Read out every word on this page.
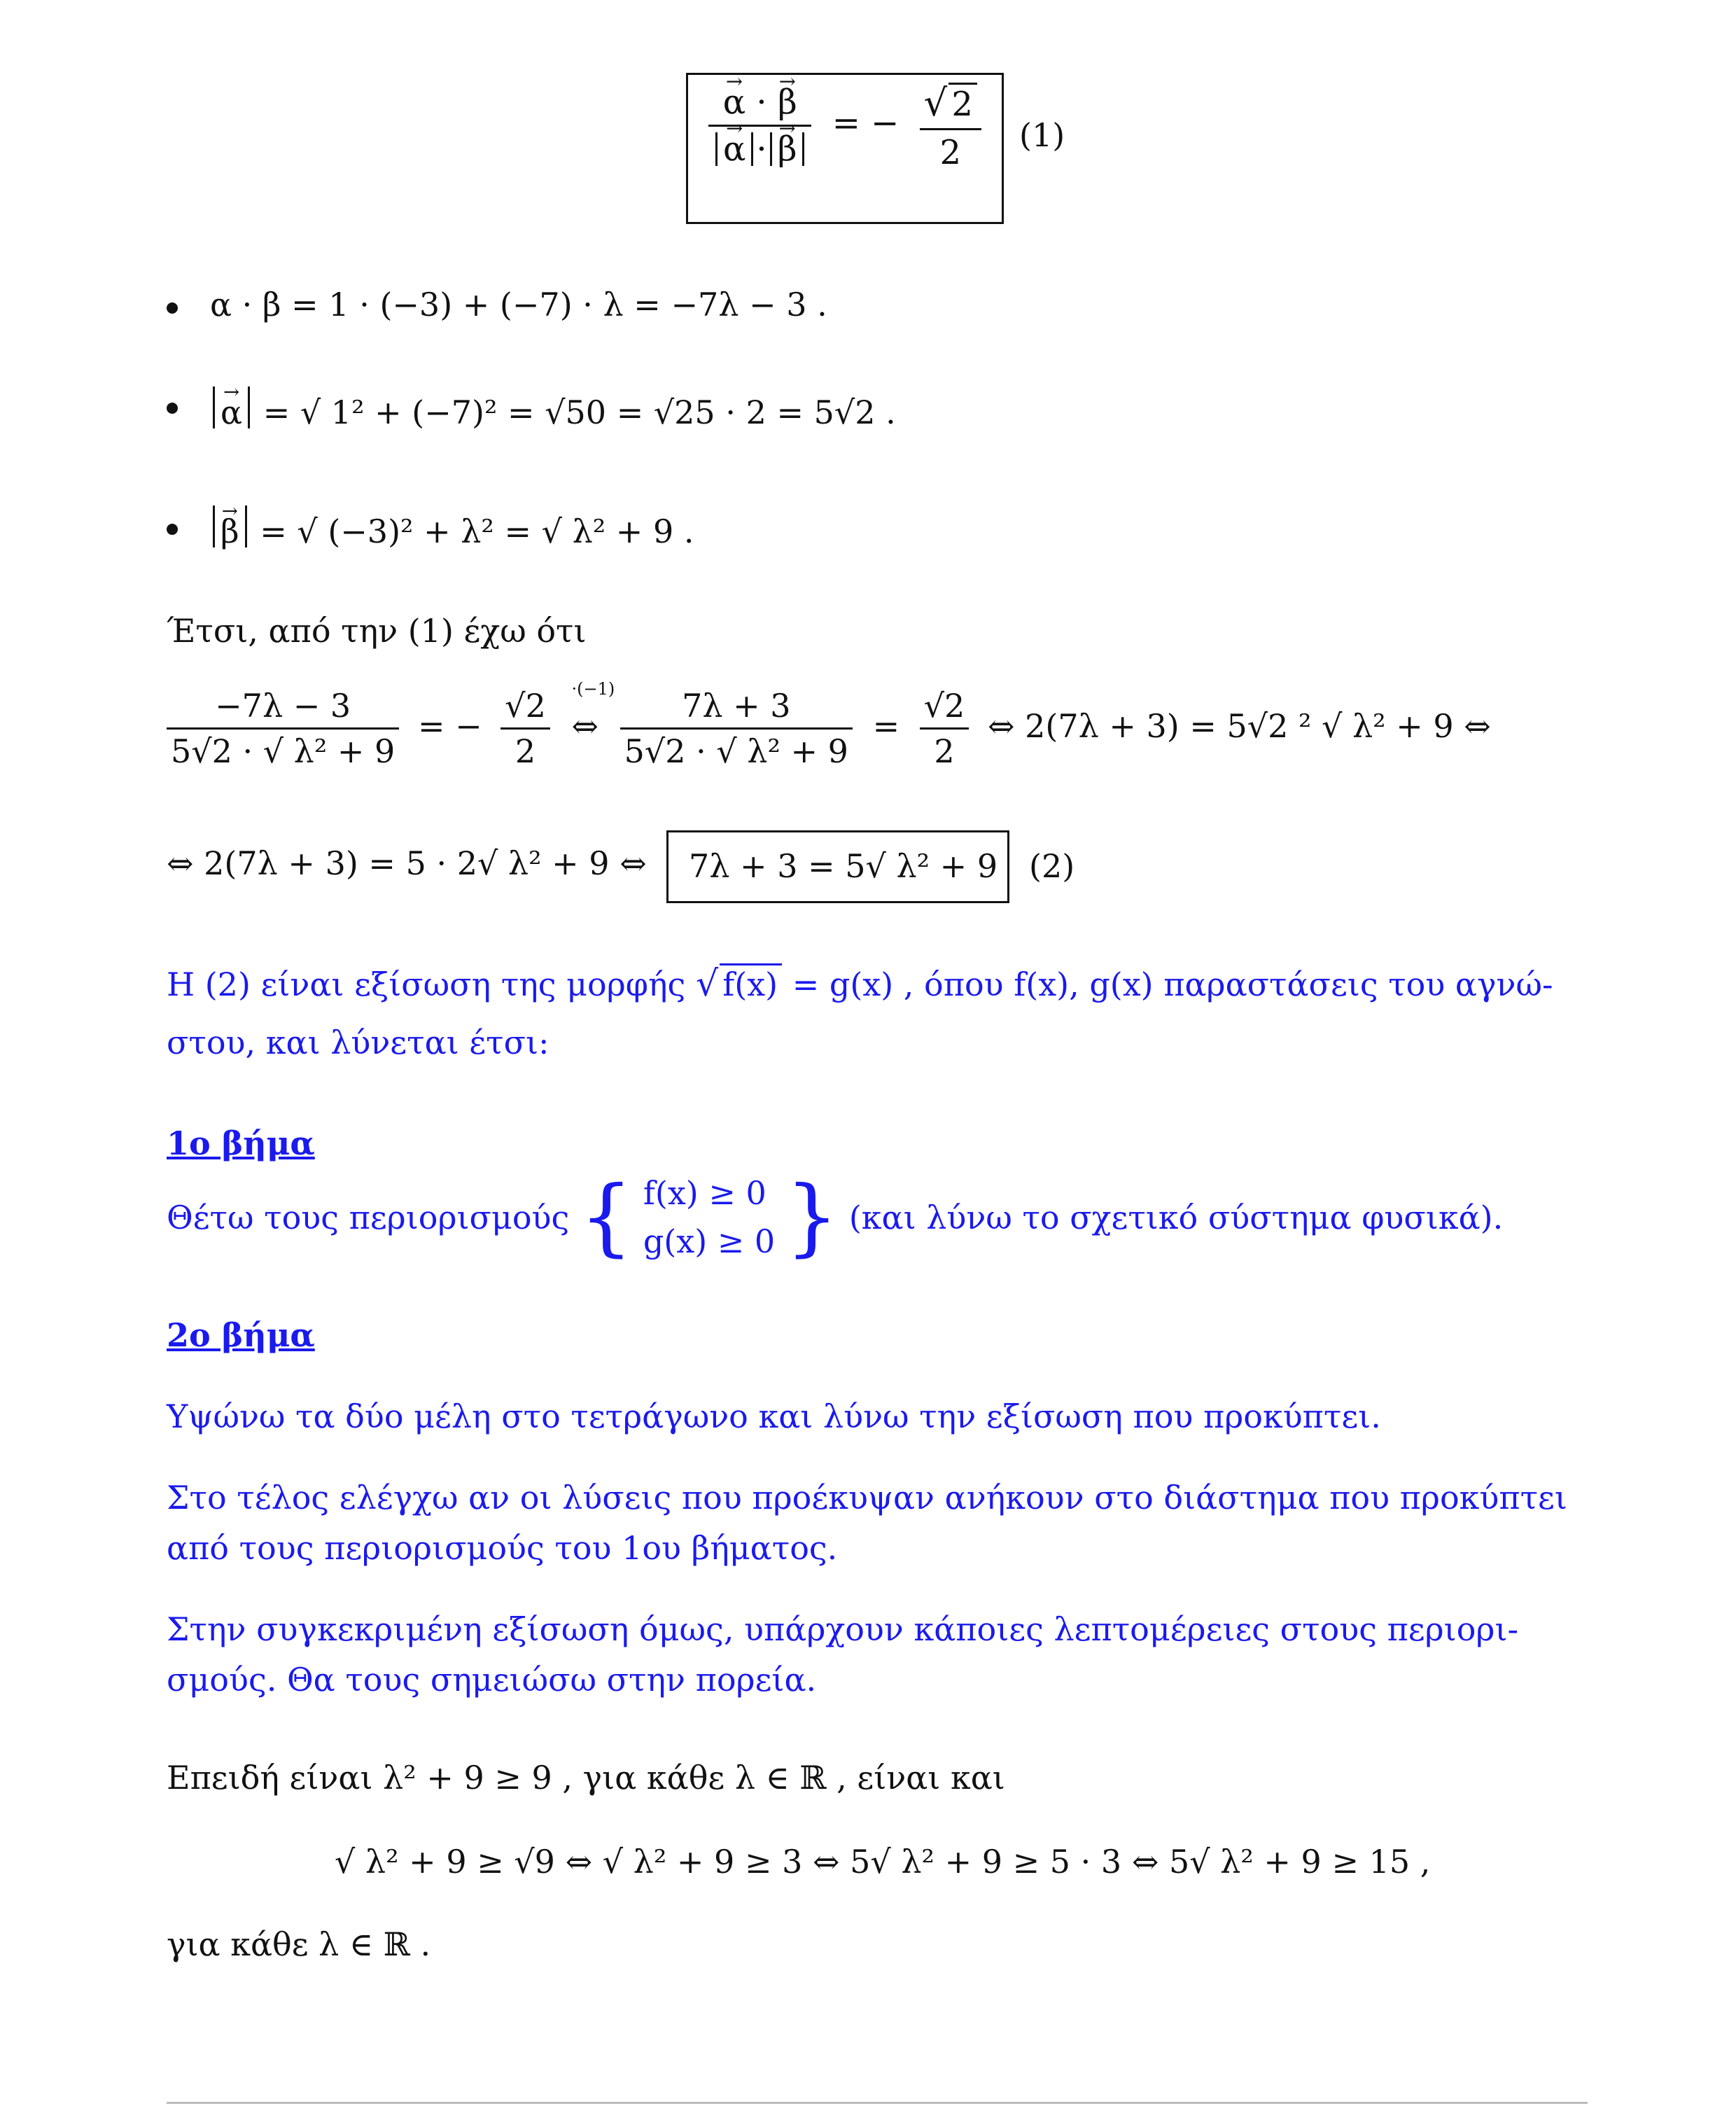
→ α · → β
→ α · → β = − $\frac{√ 2}{2} (1)$
α · β = 1 · (−3) + (−7) · λ = −7λ − 3 .
→ α = √ 1² + (−7)² = √50 = √25 · 2 = 5√2 .
→ β = √ (−3)² + λ² = √ λ² + 9 .
Έτσι, από την (1) έχω ότι
$\frac{-7\lambda - 3}{\text{5√2 · √ λ² + 9}}$ = − $\frac{√2}{2}$

·(−1)
⇔ $\frac{7\lambda + 3}{\text{5√2 · √ λ² + 9}} = \frac{√2}{2}$ ⇔ 2(7λ + 3) = 5√2 ² √ λ² + 9 ⇔
⇔ 2(7λ + 3) = 5 · 2√ λ² + 9 ⇔ 7λ + 3 = 5√ λ² + 9 (2)
Η (2) είναι εξίσωση της μορφής √ f(x) = g(x) , όπου f(x), g(x) παραστάσεις του αγνώ-
στου, και λύνεται έτσι:
1ο βήμα
Θέτω τους περιορισμούς { f(x) ≥ 0
g(x) ≥ 0 } (και λύνω το σχετικό σύστημα φυσικά).
2ο βήμα
Υψώνω τα δύο μέλη στο τετράγωνο και λύνω την εξίσωση που προκύπτει.
Στο τέλος ελέγχω αν οι λύσεις που προέκυψαν ανήκουν στο διάστημα που προκύπτει
από τους περιορισμούς του 1ου βήματος.
Στην συγκεκριμένη εξίσωση όμως, υπάρχουν κάποιες λεπτομέρειες στους περιορι-
σμούς. Θα τους σημειώσω στην πορεία.
Επειδή είναι λ² + 9 ≥ 9 , για κάθε λ ∈ ℝ , είναι και
√ λ² + 9 ≥ √9 ⇔ √ λ² + 9 ≥ 3 ⇔ 5√ λ² + 9 ≥ 5 · 3 ⇔ 5√ λ² + 9 ≥ 15 ,
για κάθε λ ∈ ℝ .
